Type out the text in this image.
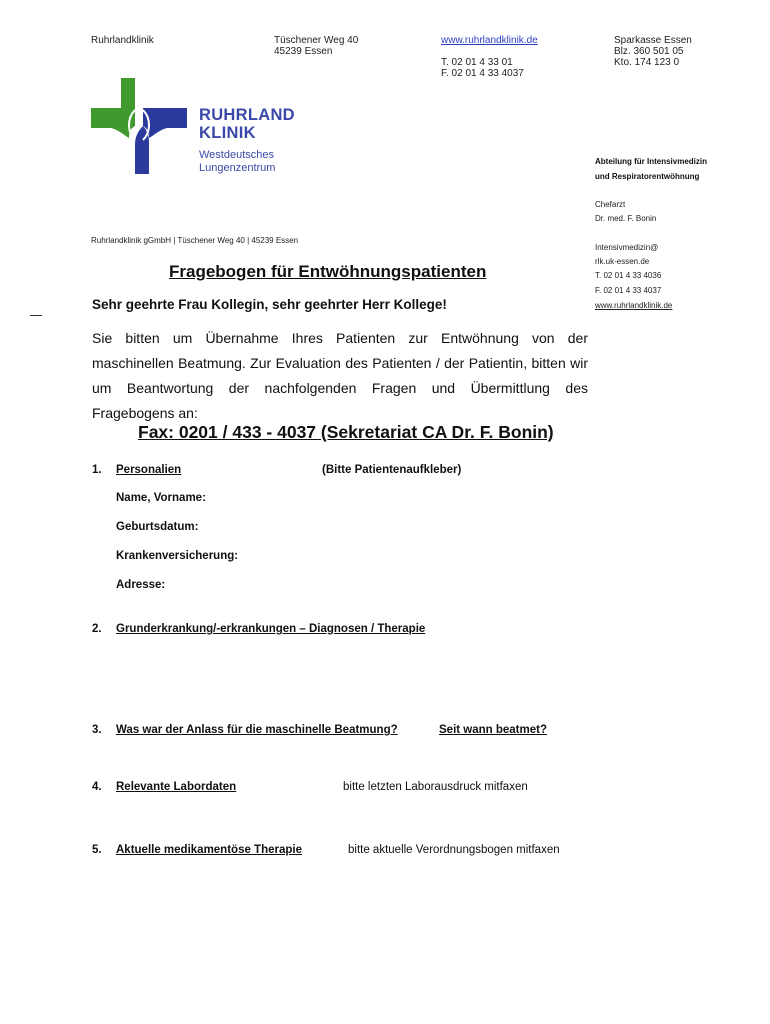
Ruhrlandklinik	Tüschener Weg 40
45239 Essen
www.ruhrlandklinik.de
T. 02 01 4 33 01
F. 02 01 4 33 4037
Sparkasse Essen
Blz. 360 501 05
Kto. 174 123 0
RUHRLAND
KLINIK
Westdeutsches
Lungenzentrum
Abteilung für Intensivmedizin
und Respiratorentwöhnung
Chefarzt
Dr. med. F. Bonin
Intensivmedizin@
rlk.uk-essen.de
T. 02 01 4 33 4036
F. 02 01 4 33 4037
www.ruhrlandklinik.de
Ruhrlandklinik gGmbH | Tüschener Weg 40 | 45239 Essen
Fragebogen für Entwöhnungspatienten
Sehr geehrte Frau Kollegin, sehr geehrter Herr Kollege!
Sie bitten um Übernahme Ihres Patienten zur Entwöhnung von der maschinellen Beatmung. Zur Evaluation des Patienten / der Patientin, bitten wir um Beantwortung der nachfolgenden Fragen und Übermittlung des Fragebogens an:
Fax: 0201 / 433 - 4037 (Sekretariat CA Dr. F. Bonin)
1. Personalien	(Bitte Patientenaufkleber)
Name, Vorname:
Geburtsdatum:
Krankenversicherung:
Adresse:
2. Grunderkrankung/-erkrankungen – Diagnosen / Therapie
3. Was war der Anlass für die maschinelle Beatmung?	Seit wann beatmet?
4. Relevante Labordaten	bitte letzten Laborausdruck mitfaxen
5. Aktuelle medikamentöse Therapie	bitte aktuelle Verordnungsbogen mitfaxen
